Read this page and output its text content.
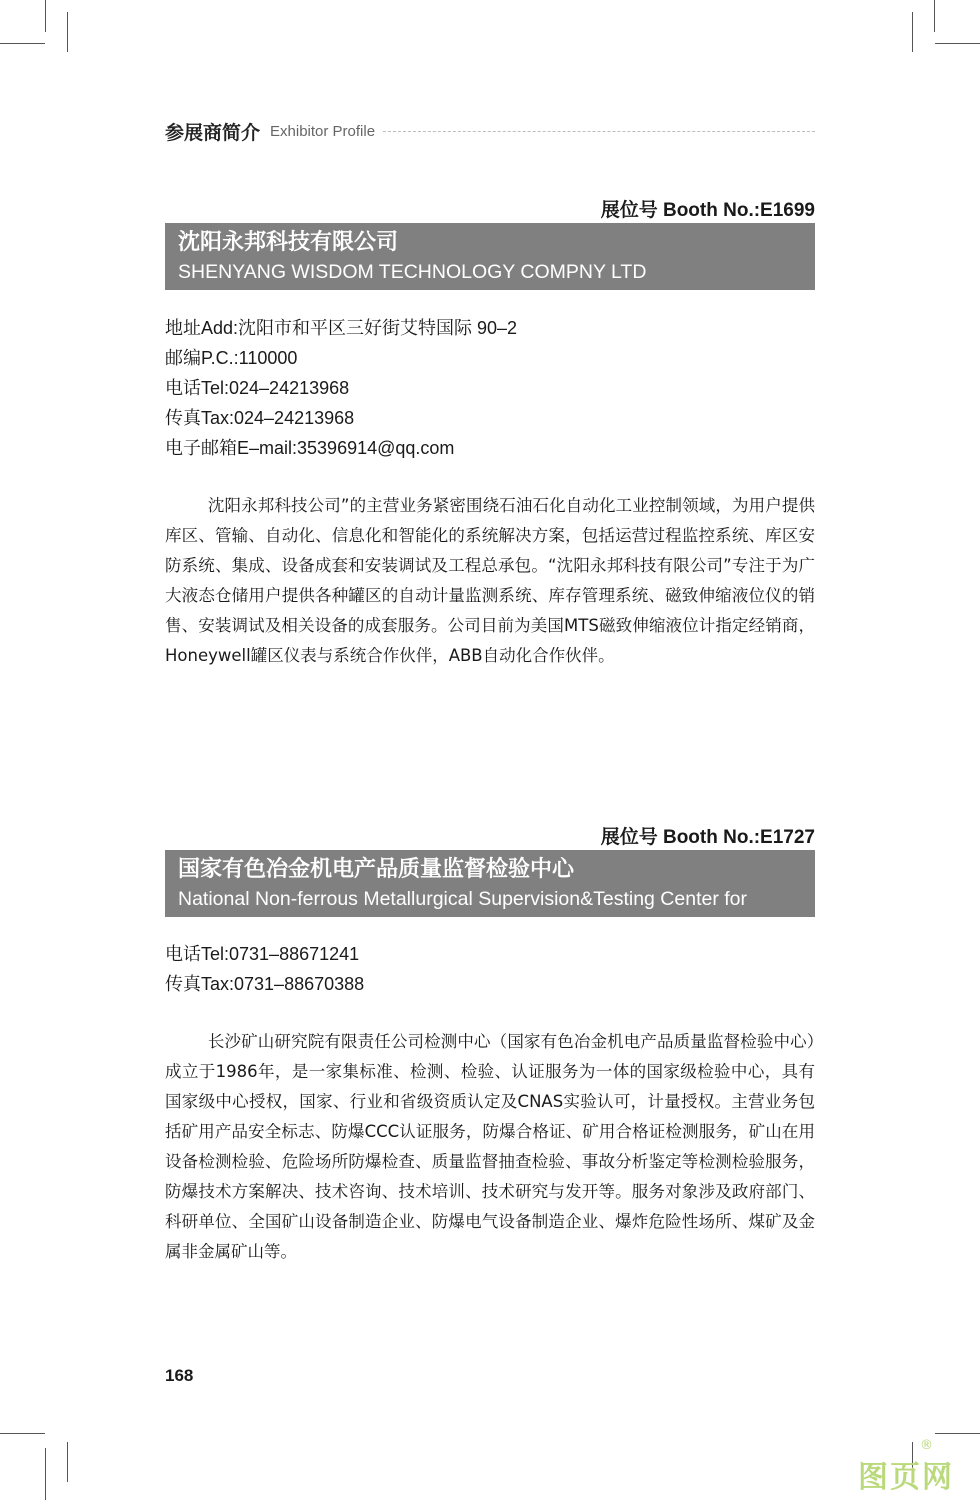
参展商简介 Exhibitor Profile
展位号 Booth No.:E1699
沈阳永邦科技有限公司
SHENYANG WISDOM TECHNOLOGY COMPNY LTD
地址Add:沈阳市和平区三好街艾特国际 90–2
邮编P.C.:110000
电话Tel:024–24213968
传真Tax:024–24213968
电子邮箱E–mail:35396914@qq.com
沈阳永邦科技公司”的主营业务紧密围绕石油石化自动化工业控制领域，为用户提供库区、管输、自动化、信息化和智能化的系统解决方案，包括运营过程监控系统、库区安防系统、集成、设备成套和安装调试及工程总承包。“沈阳永邦科技有限公司”专注于为广大液态仓储用户提供各种罐区的自动计量监测系统、库存管理系统、磁致伸缩液位仪的销售、安装调试及相关设备的成套服务。公司目前为美国MTS磁致伸缩液位计指定经销商，Honeywell罐区仪表与系统合作伙伴，ABB自动化合作伙伴。
展位号 Booth No.:E1727
国家有色冶金机电产品质量监督检验中心
National Non-ferrous Metallurgical Supervision&Testing Center for
电话Tel:0731–88671241
传真Tax:0731–88670388
长沙矿山研究院有限责任公司检测中心（国家有色冶金机电产品质量监督检验中心）成立于1986年，是一家集标准、检测、检验、认证服务为一体的国家级检验中心，具有国家级中心授权，国家、行业和省级资质认定及CNAS实验认可，计量授权。主营业务包括矿用产品安全标志、防爆CCC认证服务，防爆合格证、矿用合格证检测服务，矿山在用设备检测检验、危险场所防爆检查、质量监督抽查检验、事故分析鉴定等检测检验服务，防爆技术方案解决、技术咨询、技术培训、技术研究与发开等。服务对象涉及政府部门、科研单位、全国矿山设备制造企业、防爆电气设备制造企业、爆炸危险性场所、煤矿及金属非金属矿山等。
168
图页网
®
